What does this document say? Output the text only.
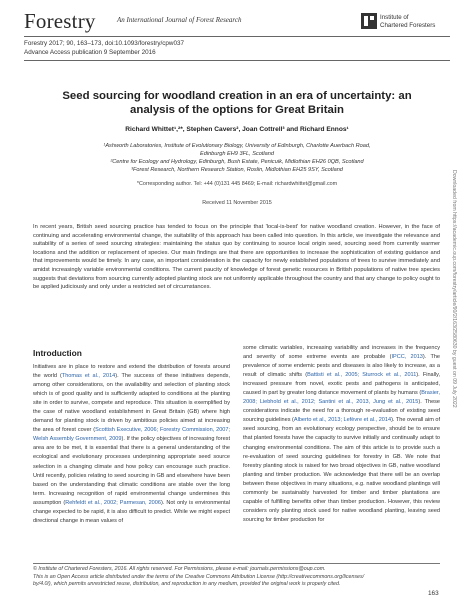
Forestry	An International Journal of Forest Research	Institute of
Chartered Foresters
Forestry 2017; 90, 163–173, doi:10.1093/forestry/cpw037
Advance Access publication 9 September 2016
Seed sourcing for woodland creation in an era of uncertainty: an
analysis of the options for Great Britain
Richard Whittet¹,²*, Stephen Cavers², Joan Cottrell³ and Richard Ennos¹
¹Ashworth Laboratories, Institute of Evolutionary Biology, University of Edinburgh, Charlotte Auerbach Road,
Edinburgh EH9 3FL, Scotland
²Centre for Ecology and Hydrology, Edinburgh, Bush Estate, Penicuik, Midlothian EH26 0QB, Scotland
³Forest Research, Northern Research Station, Roslin, Midlothian EH25 9SY, Scotland
*Corresponding author. Tel: +44 (0)131 445 8469; E-mail: richardwhittet@gmail.com
Received 11 November 2015
In recent years, British seed sourcing practice has tended to focus on the principle that 'local-is-best' for native woodland creation. However, in the face of continuing and accelerating environmental change, the suitability of this approach has been called into question. In this article, we investigate the relevance and suitability of a series of seed sourcing strategies: maintaining the status quo by continuing to source local origin seed, sourcing seed from currently warmer locations and the addition or replacement of species. Our main findings are that there are opportunities to increase the sophistication of existing guidance and that improvements would be timely. In any case, an important consideration is the capacity for newly established populations of trees to survive immediately and amidst increasingly variable environmental conditions. The current paucity of knowledge of forest genetic resources in British populations of native tree species suggests that deviations from sourcing currently adopted planting stock are not uniformly applicable throughout the country and that any change to policy ought to be applied judiciously and only under a restricted set of circumstances.
Introduction
Initiatives are in place to restore and extend the distribution of forests around the world (Thomas et al., 2014). The success of these initiatives depends, among other considerations, on the availability and selection of planting stock which is of good quality and is sufficiently adapted to conditions at the planting site in order to survive, compete and reproduce. This situation is exemplified by the case of native woodland establishment in Great Britain (GB) where high demand for planting stock is driven by ambitious policies aimed at increasing the area of forest cover (Scottish Executive, 2006; Forestry Commission, 2007; Welsh Assembly Government, 2009). If the policy objectives of increasing forest area are to be met, it is essential that there is a general understanding of the ecological and evolutionary processes underpinning appropriate seed source selection in a changing climate and how policy can encourage such practice. Until recently, policies relating to seed sourcing in GB and elsewhere have been based on the understanding that climatic conditions are stable over the long term. Increasing recognition of rapid environmental change undermines this assumption (Rehfeldt et al., 2002; Parmesan, 2006). Not only is environmental change expected to be rapid, it is also difficult to predict. While we might expect directional change in mean values of
some climatic variables, increasing variability and increases in the frequency and severity of some extreme events are probable (IPCC, 2013). The prevalence of some endemic pests and diseases is also likely to increase, as a result of climatic shifts (Battisti et al., 2005; Sturrock et al., 2011). Finally, increased pressure from novel, exotic pests and pathogens is anticipated, caused in part by greater long distance movement of plants by humans (Brasier, 2008; Liebhold et al., 2012; Santini et al., 2013, Jung et al., 2015). These considerations indicate the need for a thorough re-evaluation of existing seed sourcing guidelines (Alberto et al., 2013; Lefèvre et al., 2014). The overall aim of seed sourcing, from an evolutionary ecology perspective, should be to ensure that planted forests have the capacity to survive initially and continually adapt to changing environmental conditions. The aim of this article is to provide such a re-evaluation of seed sourcing guidelines for forestry in GB. We note that forestry planting stock is raised for two broad objectives in GB, native woodland planting and timber production. We acknowledge that there will be an overlap between these objectives in many situations, e.g. native woodland plantings will commonly be sustainably harvested for timber and timber plantations are capable of fulfilling benefits other than timber production. However, this review considers only planting stock used for native woodland planting, leaving seed sourcing for timber production for
© Institute of Chartered Foresters, 2016. All rights reserved. For Permissions, please e-mail: journals.permissions@oup.com.
This is an Open Access article distributed under the terms of the Creative Commons Attribution License (http://creativecommons.org/licenses/
by/4.0/), which permits unrestricted reuse, distribution, and reproduction in any medium, provided the original work is properly cited.
163
Downloaded from https://academic.oup.com/forestry/article/90/2/163/2580630 by guest on 09 July 2022
